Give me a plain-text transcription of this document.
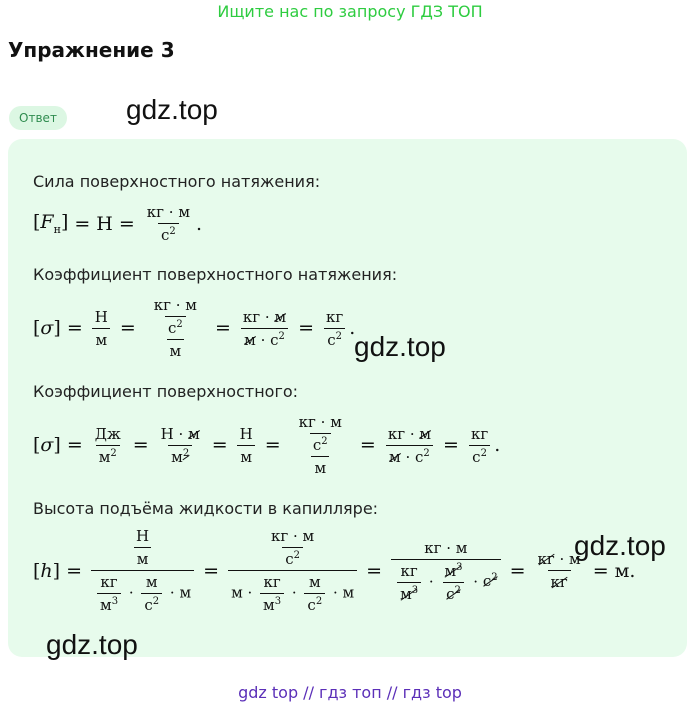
Ищите нас по запросу ГДЗ ТОП
Упражнение 3
Ответ	gdz.top
Сила поверхностного натяжения:
$[F_н] = Н = \frac{кг \cdot м}{с^2}$ .
Коэффициент поверхностного натяжения:
$[\sigma] = \frac{Н}{м} = \frac{\frac{кг \cdot м}{с^2}}{м} = \frac{кг \cdot м}{м \cdot с^2} = \frac{кг}{с^2}$ .
gdz.top
Коэффициент поверхностного:
$[\sigma] = \frac{Дж}{м^2} = \frac{Н \cdot м}{м^2} = \frac{Н}{м} = \frac{\frac{кг \cdot м}{с^2}}{м} = \frac{кг \cdot м}{м \cdot с^2} = \frac{кг}{с^2}$ .
Высота подъёма жидкости в капилляре:
$[h] = \frac{\frac{Н}{м}}{\frac{кг}{м^3} \cdot \frac{м}{с^2} \cdot м} = \frac{\frac{кг \cdot м}{с^2}}{м \cdot \frac{кг}{м^3} \cdot \frac{м}{с^2} \cdot м} = \frac{кг \cdot м}{\frac{кг}{м^3} \cdot \frac{м^3}{с^2} \cdot с^2} = \frac{кг \cdot м}{кг} = м$.
gdz.top
gdz.top
gdz top // гдз топ // гдз top
